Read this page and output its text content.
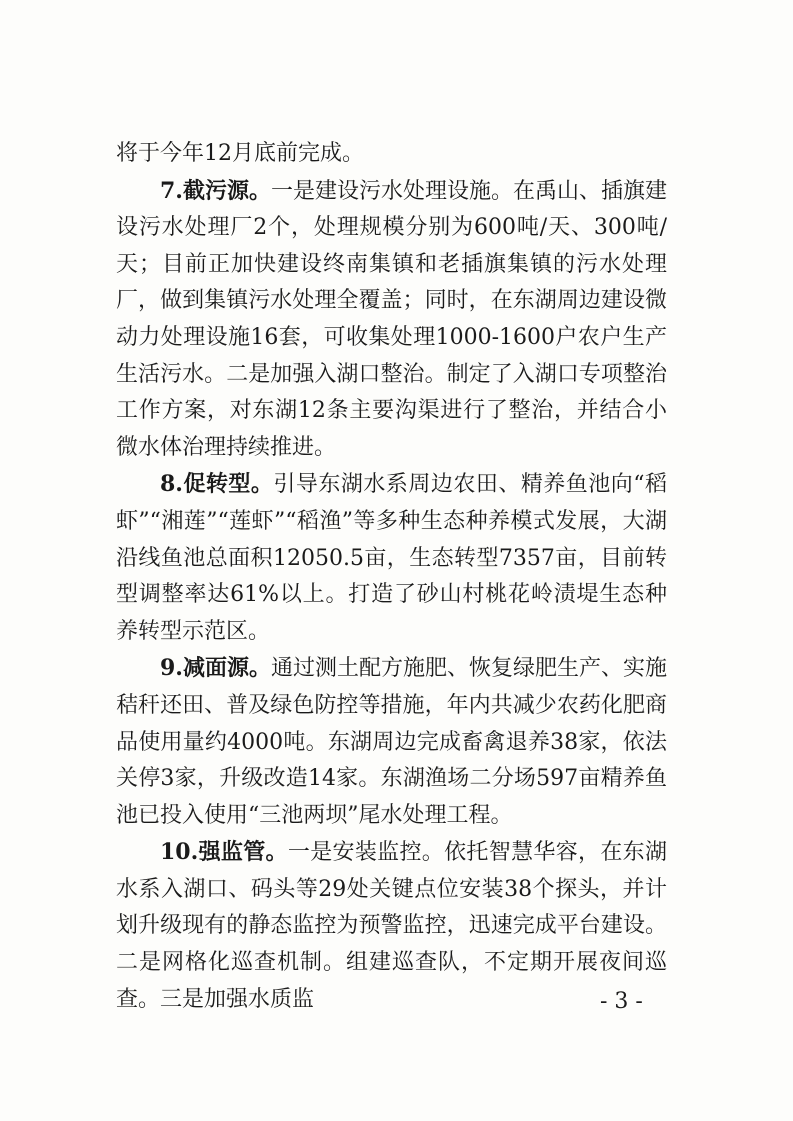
将于今年12月底前完成。

7.截污源。一是建设污水处理设施。在禹山、插旗建设污水处理厂2个，处理规模分别为600吨/天、300吨/天；目前正加快建设终南集镇和老插旗集镇的污水处理厂，做到集镇污水处理全覆盖；同时，在东湖周边建设微动力处理设施16套，可收集处理1000-1600户农户生产生活污水。二是加强入湖口整治。制定了入湖口专项整治工作方案，对东湖12条主要沟渠进行了整治，并结合小微水体治理持续推进。

8.促转型。引导东湖水系周边农田、精养鱼池向“稻虾”“湘莲”“莲虾”“稻渔”等多种生态种养模式发展，大湖沿线鱼池总面积12050.5亩，生态转型7357亩，目前转型调整率达61%以上。打造了砂山村桃花岭渍堤生态种养转型示范区。

9.减面源。通过测土配方施肥、恢复绿肥生产、实施秸秆还田、普及绿色防控等措施，年内共减少农药化肥商品使用量约4000吨。东湖周边完成畜禽退养38家，依法关停3家，升级改造14家。东湖渔场二分场597亩精养鱼池已投入使用“三池两坝”尾水处理工程。

10.强监管。一是安装监控。依托智慧华容，在东湖水系入湖口、码头等29处关键点位安装38个探头，并计划升级现有的静态监控为预警监控，迅速完成平台建设。二是网格化巡查机制。组建巡查队，不定期开展夜间巡查。三是加强水质监	- 3 -
